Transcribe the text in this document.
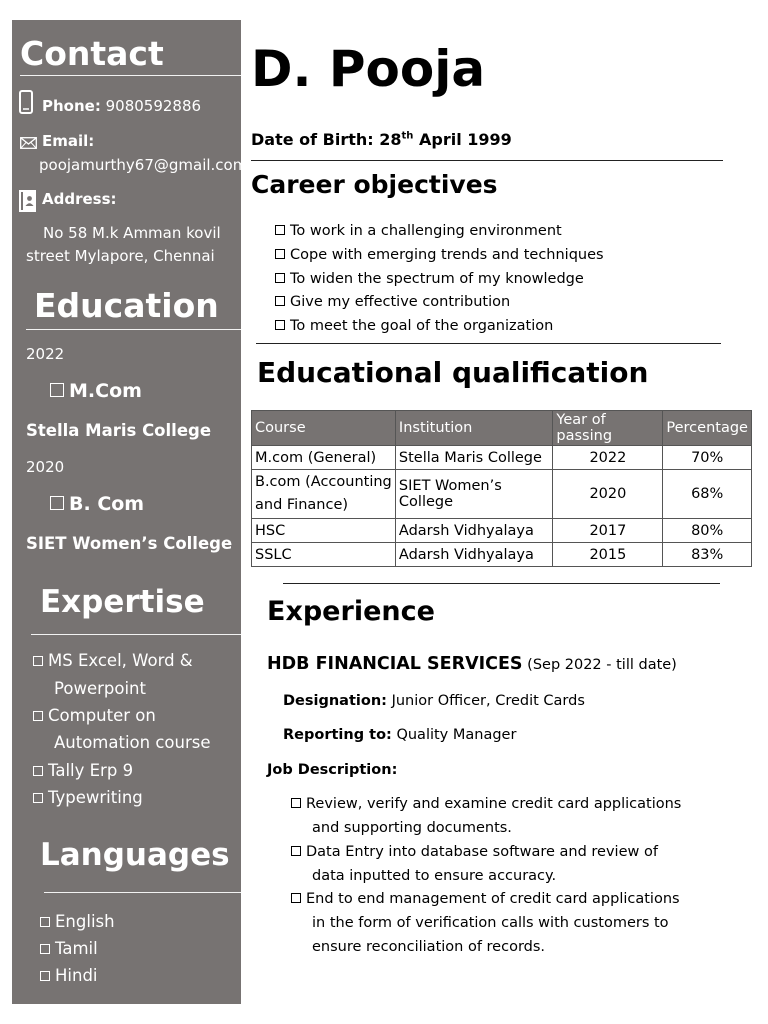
Contact
Phone: 9080592886
Email:
poojamurthy67@gmail.com
Address:
No 58 M.k Amman kovil
street Mylapore, Chennai
Education
2022
M.Com
Stella Maris College
2020
B. Com
SIET Women’s College
Expertise
MS Excel, Word &
Powerpoint
Computer on
Automation course
Tally Erp 9
Typewriting
Languages
English
Tamil
Hindi
D. Pooja
Date of Birth: 28th April 1999
Career objectives
To work in a challenging environment
Cope with emerging trends and techniques
To widen the spectrum of my knowledge
Give my effective contribution
To meet the goal of the organization
Educational qualification
Course	Institution	Year of passing	Percentage
M.com (General)	Stella Maris College	2022	70%
B.com (Accounting
and Finance)	SIET Women’s College	2020	68%
HSC	Adarsh Vidhyalaya	2017	80%
SSLC	Adarsh Vidhyalaya	2015	83%
Experience
HDB FINANCIAL SERVICES (Sep 2022 - till date)
Designation: Junior Officer, Credit Cards
Reporting to: Quality Manager
Job Description:
Review, verify and examine credit card applications
and supporting documents.
Data Entry into database software and review of
data inputted to ensure accuracy.
End to end management of credit card applications
in the form of verification calls with customers to
ensure reconciliation of records.
